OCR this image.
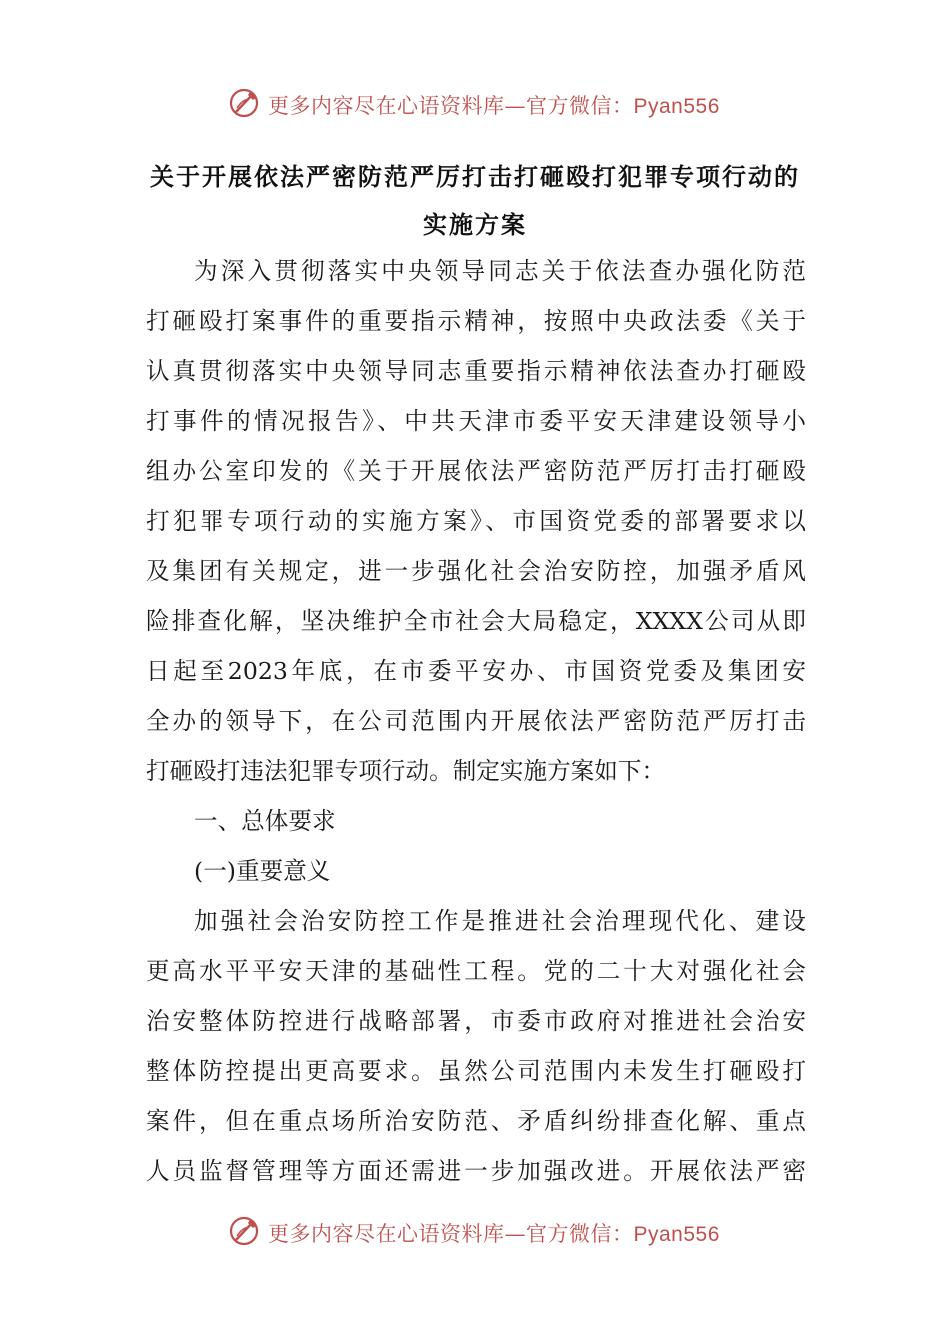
更多内容尽在心语资料库—官方微信：Pyan556
关于开展依法严密防范严厉打击打砸殴打犯罪专项行动的
实施方案
为深入贯彻落实中央领导同志关于依法查办强化防范
打砸殴打案事件的重要指示精神，按照中央政法委《关于
认真贯彻落实中央领导同志重要指示精神依法查办打砸殴
打事件的情况报告》、中共天津市委平安天津建设领导小
组办公室印发的《关于开展依法严密防范严厉打击打砸殴
打犯罪专项行动的实施方案》、市国资党委的部署要求以
及集团有关规定，进一步强化社会治安防控，加强矛盾风
险排查化解，坚决维护全市社会大局稳定，XXXX公司从即
日起至2023年底，在市委平安办、市国资党委及集团安
全办的领导下，在公司范围内开展依法严密防范严厉打击
打砸殴打违法犯罪专项行动。制定实施方案如下：
一、总体要求
(一)重要意义
加强社会治安防控工作是推进社会治理现代化、建设
更高水平平安天津的基础性工程。党的二十大对强化社会
治安整体防控进行战略部署，市委市政府对推进社会治安
整体防控提出更高要求。虽然公司范围内未发生打砸殴打
案件，但在重点场所治安防范、矛盾纠纷排查化解、重点
人员监督管理等方面还需进一步加强改进。开展依法严密
更多内容尽在心语资料库—官方微信：Pyan556
